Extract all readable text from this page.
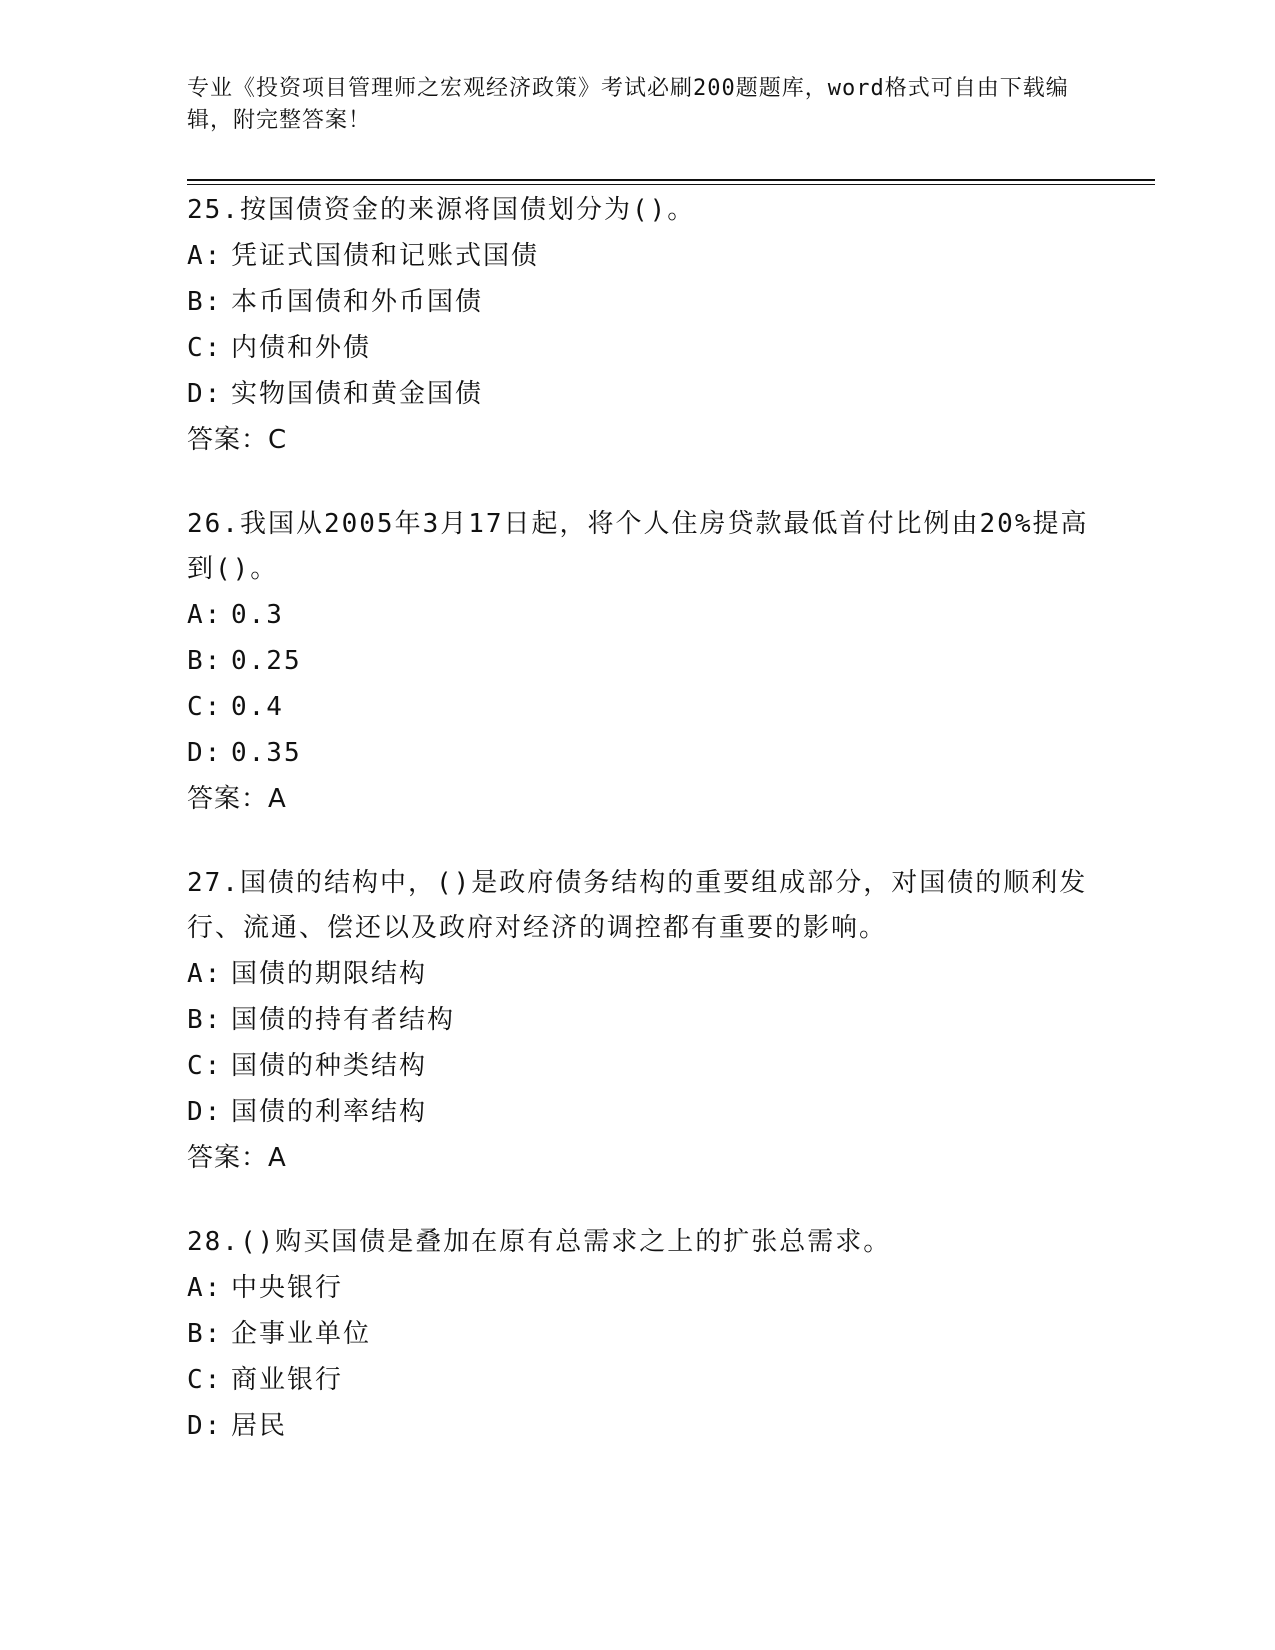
专业《投资项目管理师之宏观经济政策》考试必刷200题题库，word格式可自由下载编辑，附完整答案！
25.按国债资金的来源将国债划分为()。
A: 凭证式国债和记账式国债
B: 本币国债和外币国债
C: 内债和外债
D: 实物国债和黄金国债
答案：C
26.我国从2005年3月17日起，将个人住房贷款最低首付比例由20%提高到()。
A: 0.3
B: 0.25
C: 0.4
D: 0.35
答案：A
27.国债的结构中，()是政府债务结构的重要组成部分，对国债的顺利发行、流通、偿还以及政府对经济的调控都有重要的影响。
A: 国债的期限结构
B: 国债的持有者结构
C: 国债的种类结构
D: 国债的利率结构
答案：A
28.()购买国债是叠加在原有总需求之上的扩张总需求。
A: 中央银行
B: 企事业单位
C: 商业银行
D: 居民
